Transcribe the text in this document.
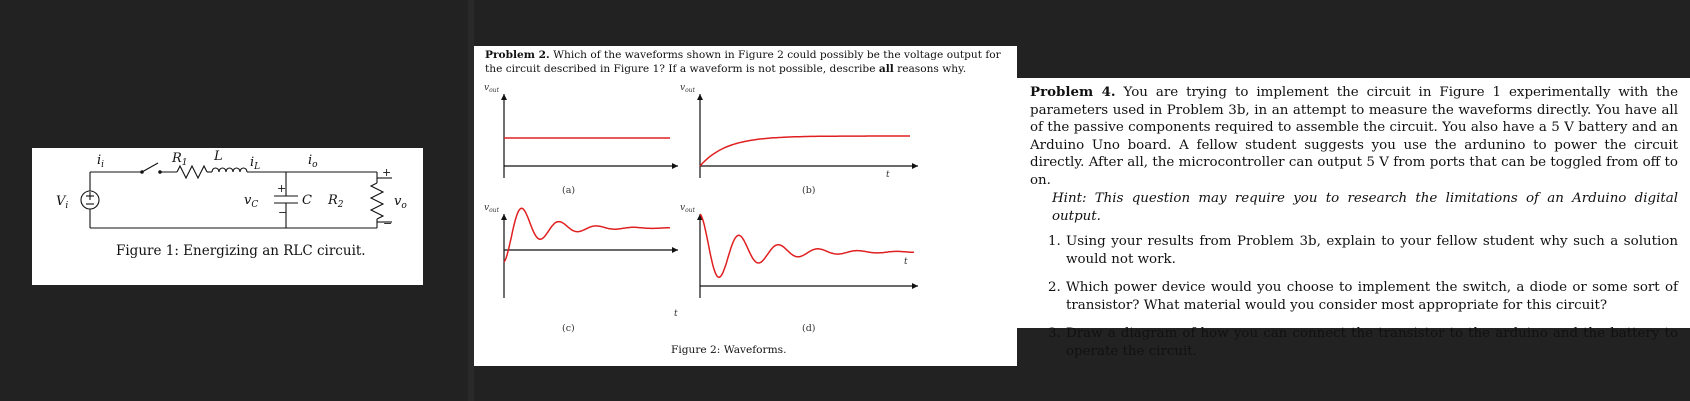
$V_i$
$i_i$	$R_1$ L $i_L$	$i_o$
$v_C$	C $R_2$	$v_o$
+
−
+
−
Figure 1: Energizing an RLC circuit.
Problem 2. Which of the waveforms shown in Figure 2 could possibly be the voltage output for the circuit described in Figure 1? If a waveform is not possible, describe all reasons why.
$v_{out}$
(a)
$v_{out}$
t
(b)
$v_{out}$
t
(c)
$v_{out}$
t
(d)
Figure 2: Waveforms.
Problem 4. You are trying to implement the circuit in Figure 1 experimentally with the parameters used in Problem 3b, in an attempt to measure the waveforms directly. You have all of the passive components required to assemble the circuit. You also have a 5 V battery and an Arduino Uno board. A fellow student suggests you use the ardunino to power the circuit directly. After all, the microcontroller can output 5 V from ports that can be toggled from off to on.
Hint: This question may require you to research the limitations of an Arduino digital output.
1. Using your results from Problem 3b, explain to your fellow student why such a solution would not work.
2. Which power device would you choose to implement the switch, a diode or some sort of transistor? What material would you consider most appropriate for this circuit?
3. Draw a diagram of how you can connect the transistor to the arduino and the battery to operate the circuit.
